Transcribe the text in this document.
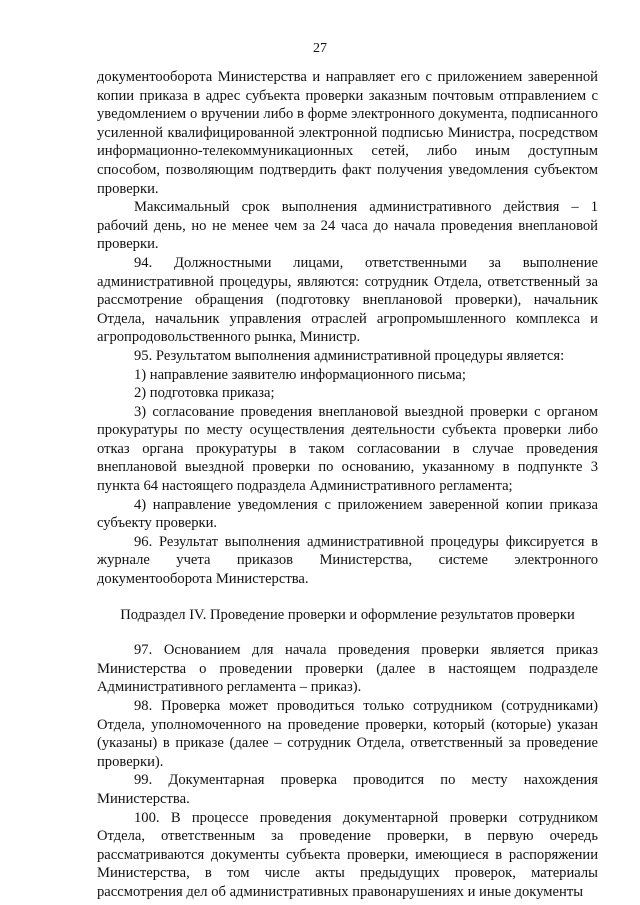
27

документооборота Министерства и направляет его с приложением заверенной копии приказа в адрес субъекта проверки заказным почтовым отправлением с уведомлением о вручении либо в форме электронного документа, подписанного усиленной квалифицированной электронной подписью Министра, посредством информационно-телекоммуникационных сетей, либо иным доступным способом, позволяющим подтвердить факт получения уведомления субъектом проверки.

Максимальный срок выполнения административного действия – 1 рабочий день, но не менее чем за 24 часа до начала проведения внеплановой проверки.

94. Должностными лицами, ответственными за выполнение административной процедуры, являются: сотрудник Отдела, ответственный за рассмотрение обращения (подготовку внеплановой проверки), начальник Отдела, начальник управления отраслей агропромышленного комплекса и агропродовольственного рынка, Министр.

95. Результатом выполнения административной процедуры является:

1) направление заявителю информационного письма;

2) подготовка приказа;

3) согласование проведения внеплановой выездной проверки с органом прокуратуры по месту осуществления деятельности субъекта проверки либо отказ органа прокуратуры в таком согласовании в случае проведения внеплановой выездной проверки по основанию, указанному в подпункте 3 пункта 64 настоящего подраздела Административного регламента;

4) направление уведомления с приложением заверенной копии приказа субъекту проверки.

96. Результат выполнения административной процедуры фиксируется в журнале учета приказов Министерства, системе электронного документооборота Министерства.

Подраздел IV. Проведение проверки и оформление результатов проверки

97. Основанием для начала проведения проверки является приказ Министерства о проведении проверки (далее в настоящем подразделе Административного регламента – приказ).

98. Проверка может проводиться только сотрудником (сотрудниками) Отдела, уполномоченного на проведение проверки, который (которые) указан (указаны) в приказе (далее – сотрудник Отдела, ответственный за проведение проверки).

99. Документарная проверка проводится по месту нахождения Министерства.

100. В процессе проведения документарной проверки сотрудником Отдела, ответственным за проведение проверки, в первую очередь рассматриваются документы субъекта проверки, имеющиеся в распоряжении Министерства, в том числе акты предыдущих проверок, материалы рассмотрения дел об административных правонарушениях и иные документы
